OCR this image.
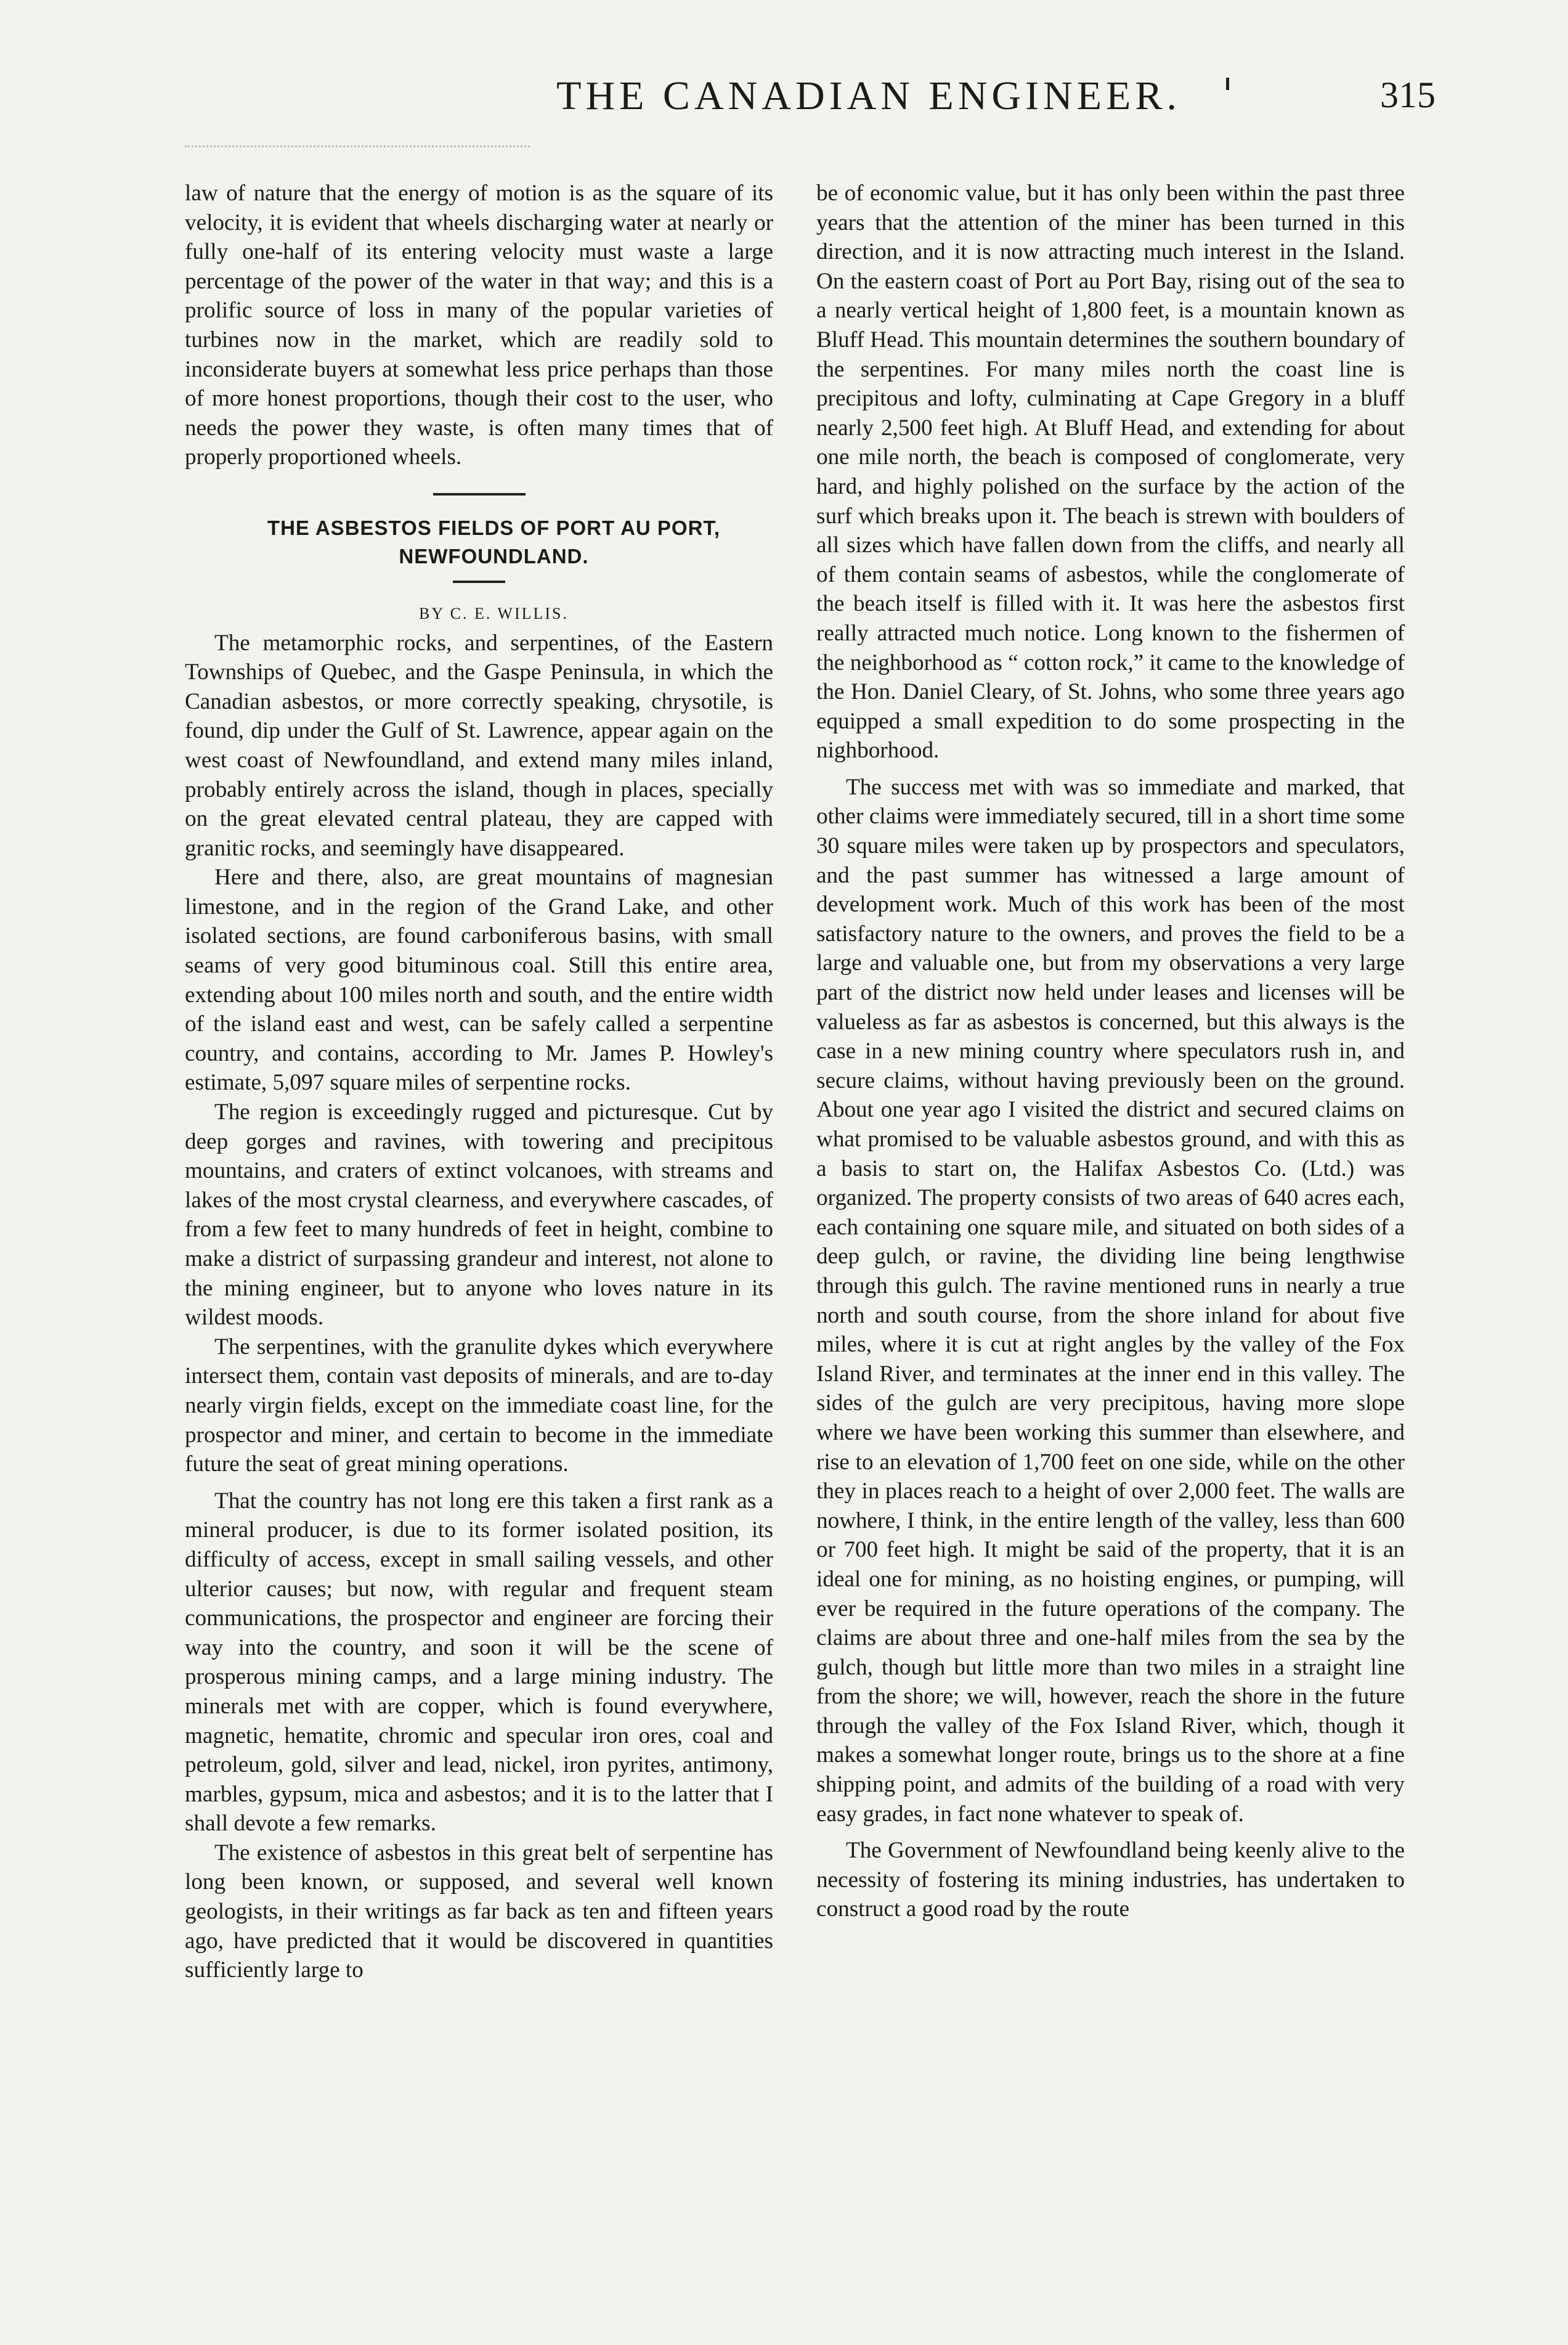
THE CANADIAN ENGINEER.	315

law of nature that the energy of motion is as the square of its velocity, it is evident that wheels discharging water at nearly or fully one-half of its entering velocity must waste a large percentage of the power of the water in that way; and this is a prolific source of loss in many of the popular varieties of turbines now in the market, which are readily sold to inconsiderate buyers at somewhat less price perhaps than those of more honest proportions, though their cost to the user, who needs the power they waste, is often many times that of properly proportioned wheels.

THE ASBESTOS FIELDS OF PORT AU PORT,

NEWFOUNDLAND.

BY C. E. WILLIS.

The metamorphic rocks, and serpentines, of the Eastern Townships of Quebec, and the Gaspe Peninsula, in which the Canadian asbestos, or more correctly speaking, chrysotile, is found, dip under the Gulf of St. Lawrence, appear again on the west coast of Newfoundland, and extend many miles inland, probably entirely across the island, though in places, specially on the great elevated central plateau, they are capped with granitic rocks, and seemingly have disappeared.

Here and there, also, are great mountains of magnesian limestone, and in the region of the Grand Lake, and other isolated sections, are found carboniferous basins, with small seams of very good bituminous coal. Still this entire area, extending about 100 miles north and south, and the entire width of the island east and west, can be safely called a serpentine country, and contains, according to Mr. James P. Howley's estimate, 5,097 square miles of serpentine rocks.

The region is exceedingly rugged and picturesque. Cut by deep gorges and ravines, with towering and precipitous mountains, and craters of extinct volcanoes, with streams and lakes of the most crystal clearness, and everywhere cascades, of from a few feet to many hundreds of feet in height, combine to make a district of surpassing grandeur and interest, not alone to the mining engineer, but to anyone who loves nature in its wildest moods.

The serpentines, with the granulite dykes which everywhere intersect them, contain vast deposits of minerals, and are to-day nearly virgin fields, except on the immediate coast line, for the prospector and miner, and certain to become in the immediate future the seat of great mining operations.

That the country has not long ere this taken a first rank as a mineral producer, is due to its former isolated position, its difficulty of access, except in small sailing vessels, and other ulterior causes; but now, with regular and frequent steam communications, the prospector and engineer are forcing their way into the country, and soon it will be the scene of prosperous mining camps, and a large mining industry. The minerals met with are copper, which is found everywhere, magnetic, hematite, chromic and specular iron ores, coal and petroleum, gold, silver and lead, nickel, iron pyrites, antimony, marbles, gypsum, mica and asbestos; and it is to the latter that I shall devote a few remarks.

The existence of asbestos in this great belt of serpentine has long been known, or supposed, and several well known geologists, in their writings as far back as ten and fifteen years ago, have predicted that it would be discovered in quantities sufficiently large to

be of economic value, but it has only been within the past three years that the attention of the miner has been turned in this direction, and it is now attracting much interest in the Island. On the eastern coast of Port au Port Bay, rising out of the sea to a nearly vertical height of 1,800 feet, is a mountain known as Bluff Head. This mountain determines the southern boundary of the serpentines. For many miles north the coast line is precipitous and lofty, culminating at Cape Gregory in a bluff nearly 2,500 feet high. At Bluff Head, and extending for about one mile north, the beach is composed of conglomerate, very hard, and highly polished on the surface by the action of the surf which breaks upon it. The beach is strewn with boulders of all sizes which have fallen down from the cliffs, and nearly all of them contain seams of asbestos, while the conglomerate of the beach itself is filled with it. It was here the asbestos first really attracted much notice. Long known to the fishermen of the neighborhood as “ cotton rock,” it came to the knowledge of the Hon. Daniel Cleary, of St. Johns, who some three years ago equipped a small expedition to do some prospecting in the nighborhood.

The success met with was so immediate and marked, that other claims were immediately secured, till in a short time some 30 square miles were taken up by prospectors and speculators, and the past summer has witnessed a large amount of development work. Much of this work has been of the most satisfactory nature to the owners, and proves the field to be a large and valuable one, but from my observations a very large part of the district now held under leases and licenses will be valueless as far as asbestos is concerned, but this always is the case in a new mining country where speculators rush in, and secure claims, without having previously been on the ground. About one year ago I visited the district and secured claims on what promised to be valuable asbestos ground, and with this as a basis to start on, the Halifax Asbestos Co. (Ltd.) was organized. The property consists of two areas of 640 acres each, each containing one square mile, and situated on both sides of a deep gulch, or ravine, the dividing line being lengthwise through this gulch. The ravine mentioned runs in nearly a true north and south course, from the shore inland for about five miles, where it is cut at right angles by the valley of the Fox Island River, and terminates at the inner end in this valley. The sides of the gulch are very precipitous, having more slope where we have been working this summer than elsewhere, and rise to an elevation of 1,700 feet on one side, while on the other they in places reach to a height of over 2,000 feet. The walls are nowhere, I think, in the entire length of the valley, less than 600 or 700 feet high. It might be said of the property, that it is an ideal one for mining, as no hoisting engines, or pumping, will ever be required in the future operations of the company. The claims are about three and one-half miles from the sea by the gulch, though but little more than two miles in a straight line from the shore; we will, however, reach the shore in the future through the valley of the Fox Island River, which, though it makes a somewhat longer route, brings us to the shore at a fine shipping point, and admits of the building of a road with very easy grades, in fact none whatever to speak of.

The Government of Newfoundland being keenly alive to the necessity of fostering its mining industries, has undertaken to construct a good road by the route
